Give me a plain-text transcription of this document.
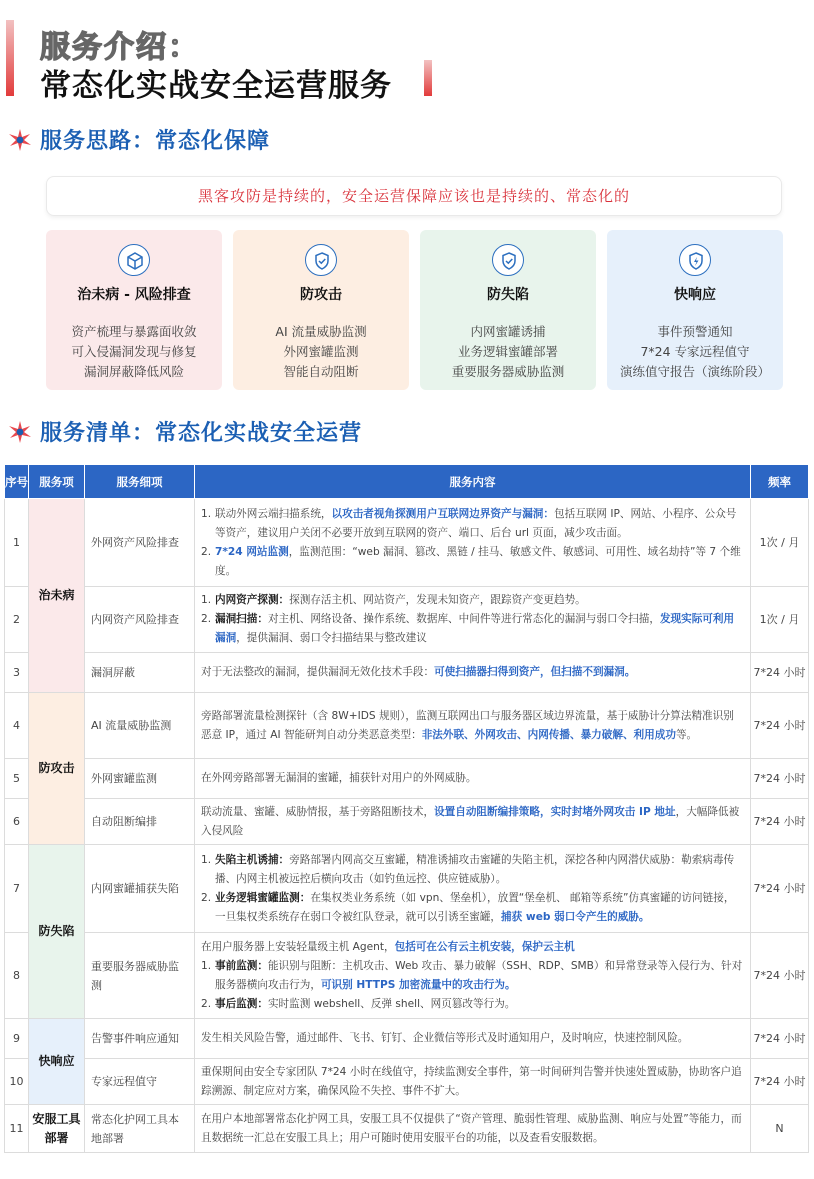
服务介绍：
常态化实战安全运营服务
服务思路：常态化保障
黑客攻防是持续的，安全运营保障应该也是持续的、常态化的
治未病 - 风险排查
资产梳理与暴露面收敛
可入侵漏洞发现与修复
漏洞屏蔽降低风险
防攻击
AI 流量威胁监测
外网蜜罐监测
智能自动阻断
防失陷
内网蜜罐诱捕
业务逻辑蜜罐部署
重要服务器威胁监测
快响应
事件预警通知
7*24 专家远程值守
演练值守报告（演练阶段）
服务清单：常态化实战安全运营
序号	服务项	服务细项	服务内容	频率
1	治未病	外网资产风险排查	1. 联动外网云端扫描系统，以攻击者视角探测用户互联网边界资产与漏洞：包括互联网 IP、网站、小程序、公众号等资产，建议用户关闭不必要开放到互联网的资产、端口、后台 url 页面，减少攻击面。
2. 7*24 网站监测，监测范围：“web 漏洞、篡改、黑链 / 挂马、敏感文件、敏感词、可用性、域名劫持”等 7 个维度。	1次 / 月
2		内网资产风险排查	1. 内网资产探测：探测存活主机、网站资产，发现未知资产，跟踪资产变更趋势。
2. 漏洞扫描：对主机、网络设备、操作系统、数据库、中间件等进行常态化的漏洞与弱口令扫描，发现实际可利用漏洞，提供漏洞、弱口令扫描结果与整改建议	1次 / 月
3		漏洞屏蔽	对于无法整改的漏洞，提供漏洞无效化技术手段：可使扫描器扫得到资产，但扫描不到漏洞。	7*24 小时
4	防攻击	AI 流量威胁监测	旁路部署流量检测探针（含 8W+IDS 规则），监测互联网出口与服务器区域边界流量，基于威胁计分算法精准识别恶意 IP，通过 AI 智能研判自动分类恶意类型：非法外联、外网攻击、内网传播、暴力破解、利用成功等。	7*24 小时
5		外网蜜罐监测	在外网旁路部署无漏洞的蜜罐，捕获针对用户的外网威胁。	7*24 小时
6		自动阻断编排	联动流量、蜜罐、威胁情报，基于旁路阻断技术，设置自动阻断编排策略，实时封堵外网攻击 IP 地址，大幅降低被入侵风险	7*24 小时
7	防失陷	内网蜜罐捕获失陷	1. 失陷主机诱捕：旁路部署内网高交互蜜罐，精准诱捕攻击蜜罐的失陷主机，深挖各种内网潜伏威胁：勒索病毒传播、内网主机被远控后横向攻击（如钓鱼远控、供应链威胁）。
2. 业务逻辑蜜罐监测：在集权类业务系统（如 vpn、堡垒机），放置“堡垒机、 邮箱等系统”仿真蜜罐的访问链接，一旦集权类系统存在弱口令被红队登录，就可以引诱至蜜罐，捕获 web 弱口令产生的威胁。	7*24 小时
8		重要服务器威胁监测	在用户服务器上安装轻量级主机 Agent，包括可在公有云主机安装，保护云主机
1. 事前监测：能识别与阻断：主机攻击、Web 攻击、暴力破解（SSH、RDP、SMB）和异常登录等入侵行为、针对服务器横向攻击行为，可识别 HTTPS 加密流量中的攻击行为。
2. 事后监测：实时监测 webshell、反弹 shell、网页篡改等行为。	7*24 小时
9	快响应	告警事件响应通知	发生相关风险告警，通过邮件、飞书、钉钉、企业微信等形式及时通知用户，及时响应，快速控制风险。	7*24 小时
10		专家远程值守	重保期间由安全专家团队 7*24 小时在线值守，持续监测安全事件，第一时间研判告警并快速处置威胁，协助客户追踪溯源、制定应对方案，确保风险不失控、事件不扩大。	7*24 小时
11	安服工具部署	常态化护网工具本地部署	在用户本地部署常态化护网工具，安服工具不仅提供了“资产管理、脆弱性管理、威胁监测、响应与处置”等能力，而且数据统一汇总在安服工具上；用户可随时使用安服平台的功能，以及查看安服数据。	N
